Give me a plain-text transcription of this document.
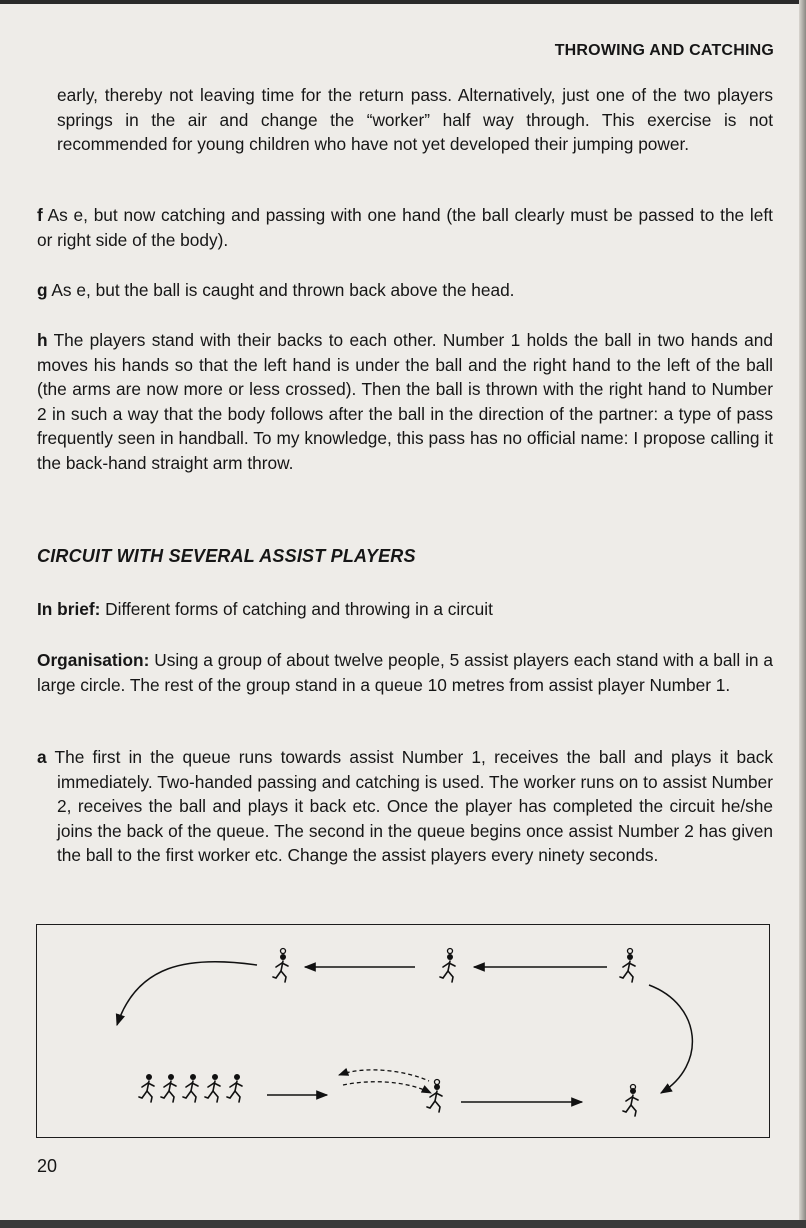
THROWING AND CATCHING

early, thereby not leaving time for the return pass. Alternatively, just one of the two players springs in the air and change the “worker” half way through. This exercise is not recommended for young children who have not yet developed their jumping power.

f As e, but now catching and passing with one hand (the ball clearly must be passed to the left or right side of the body).

g As e, but the ball is caught and thrown back above the head.

h The players stand with their backs to each other. Number 1 holds the ball in two hands and moves his hands so that the left hand is under the ball and the right hand to the left of the ball (the arms are now more or less crossed). Then the ball is thrown with the right hand to Number 2 in such a way that the body follows after the ball in the direction of the partner: a type of pass frequently seen in handball. To my knowledge, this pass has no official name: I propose calling it the back-hand straight arm throw.

CIRCUIT WITH SEVERAL ASSIST PLAYERS

In brief: Different forms of catching and throwing in a circuit

Organisation: Using a group of about twelve people, 5 assist players each stand with a ball in a large circle. The rest of the group stand in a queue 10 metres from assist player Number 1.

a The first in the queue runs towards assist Number 1, receives the ball and plays it back immediately. Two-handed passing and catching is used. The worker runs on to assist Number 2, receives the ball and plays it back etc. Once the player has completed the circuit he/she joins the back of the queue. The second in the queue begins once assist Number 2 has given the ball to the first worker etc. Change the assist players every ninety seconds.

20
